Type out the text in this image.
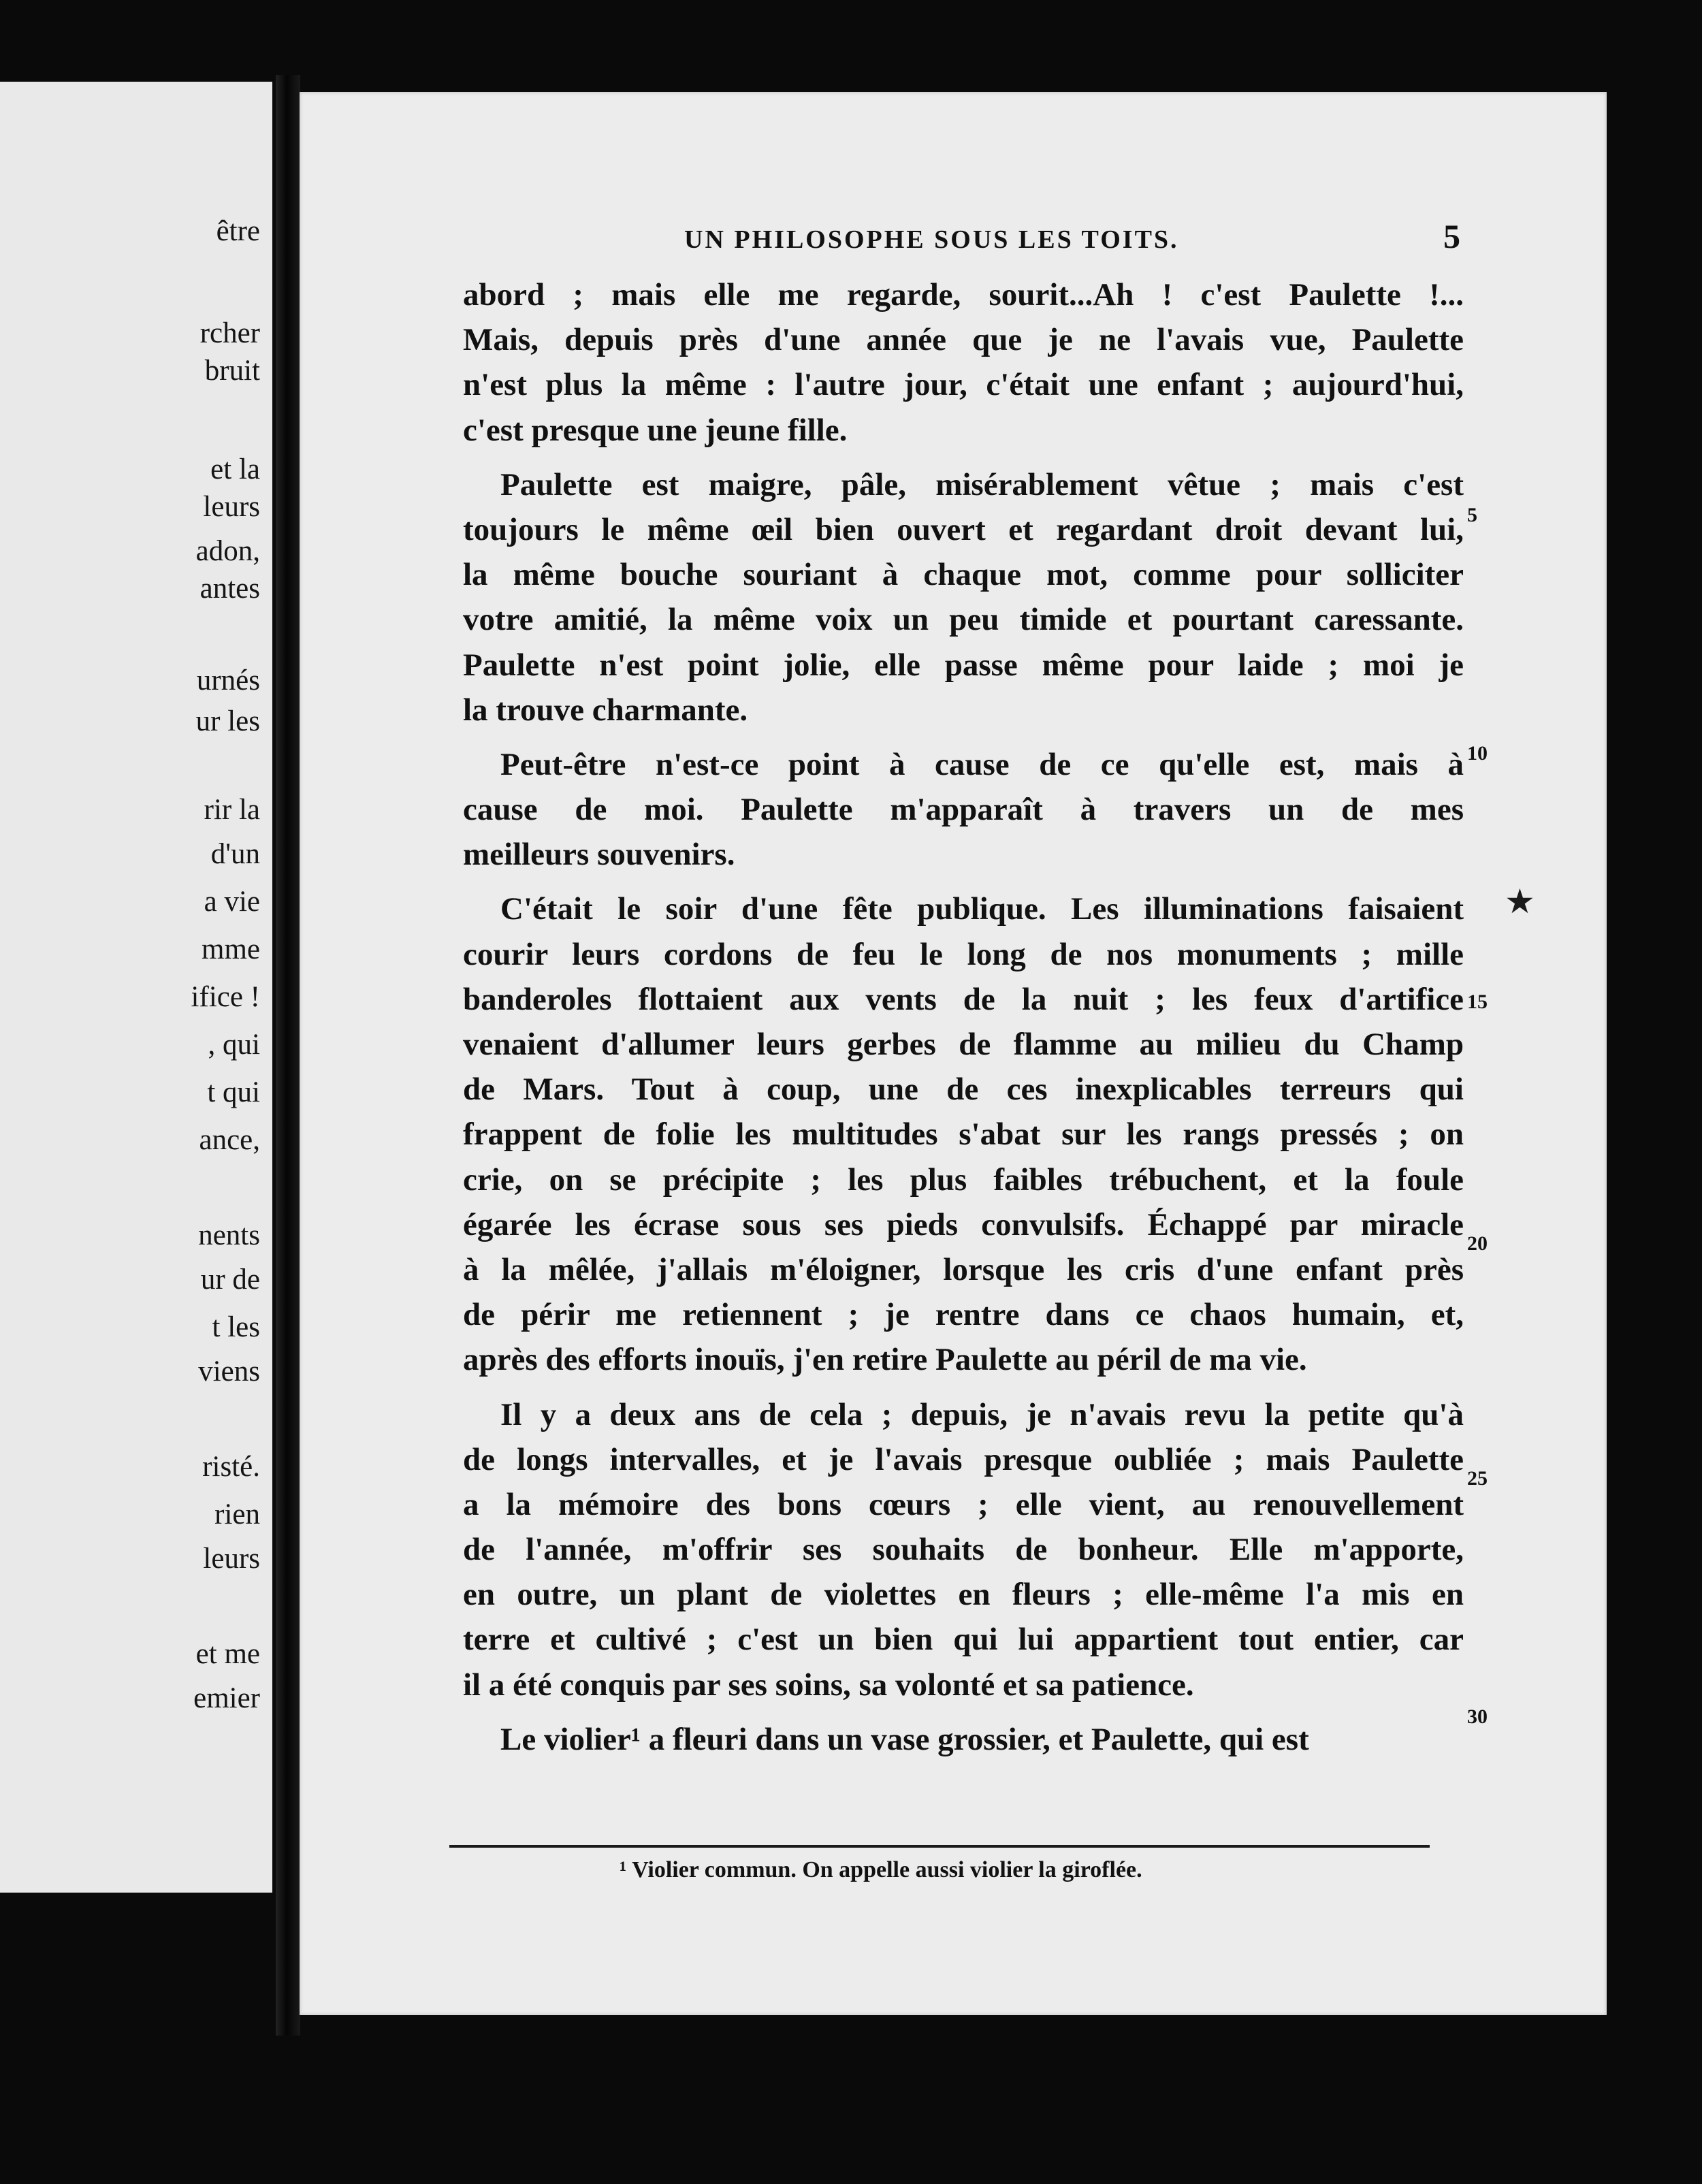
être
rcher
bruit
et la
leurs
adon,
antes
urnés
ur les
rir la
d'un
a vie
mme
ifice !
, qui
t qui
ance,
nents
ur de
t les
viens
risté.
rien
leurs
et me
emier
UN PHILOSOPHE SOUS LES TOITS.	5
abord ; mais elle me regarde, sourit...Ah ! c'est Paulette !...
Mais, depuis près d'une année que je ne l'avais vue, Paulette
n'est plus la même : l'autre jour, c'était une enfant ; aujourd'hui,
c'est presque une jeune fille.
Paulette est maigre, pâle, misérablement vêtue ; mais c'est
toujours le même œil bien ouvert et regardant droit devant lui,
la même bouche souriant à chaque mot, comme pour solliciter
votre amitié, la même voix un peu timide et pourtant caressante.
Paulette n'est point jolie, elle passe même pour laide ; moi je
la trouve charmante.
Peut-être n'est-ce point à cause de ce qu'elle est, mais à
cause de moi. Paulette m'apparaît à travers un de mes
meilleurs souvenirs.
C'était le soir d'une fête publique. Les illuminations faisaient
courir leurs cordons de feu le long de nos monuments ; mille
banderoles flottaient aux vents de la nuit ; les feux d'artifice
venaient d'allumer leurs gerbes de flamme au milieu du Champ
de Mars. Tout à coup, une de ces inexplicables terreurs qui
frappent de folie les multitudes s'abat sur les rangs pressés ; on
crie, on se précipite ; les plus faibles trébuchent, et la foule
égarée les écrase sous ses pieds convulsifs. Échappé par miracle
à la mêlée, j'allais m'éloigner, lorsque les cris d'une enfant près
de périr me retiennent ; je rentre dans ce chaos humain, et,
après des efforts inouïs, j'en retire Paulette au péril de ma vie.
Il y a deux ans de cela ; depuis, je n'avais revu la petite qu'à
de longs intervalles, et je l'avais presque oubliée ; mais Paulette
a la mémoire des bons cœurs ; elle vient, au renouvellement
de l'année, m'offrir ses souhaits de bonheur. Elle m'apporte,
en outre, un plant de violettes en fleurs ; elle-même l'a mis en
terre et cultivé ; c'est un bien qui lui appartient tout entier, car
il a été conquis par ses soins, sa volonté et sa patience.
Le violier¹ a fleuri dans un vase grossier, et Paulette, qui est
5
10
15
20
25
30
★
¹ Violier commun. On appelle aussi violier la giroflée.
